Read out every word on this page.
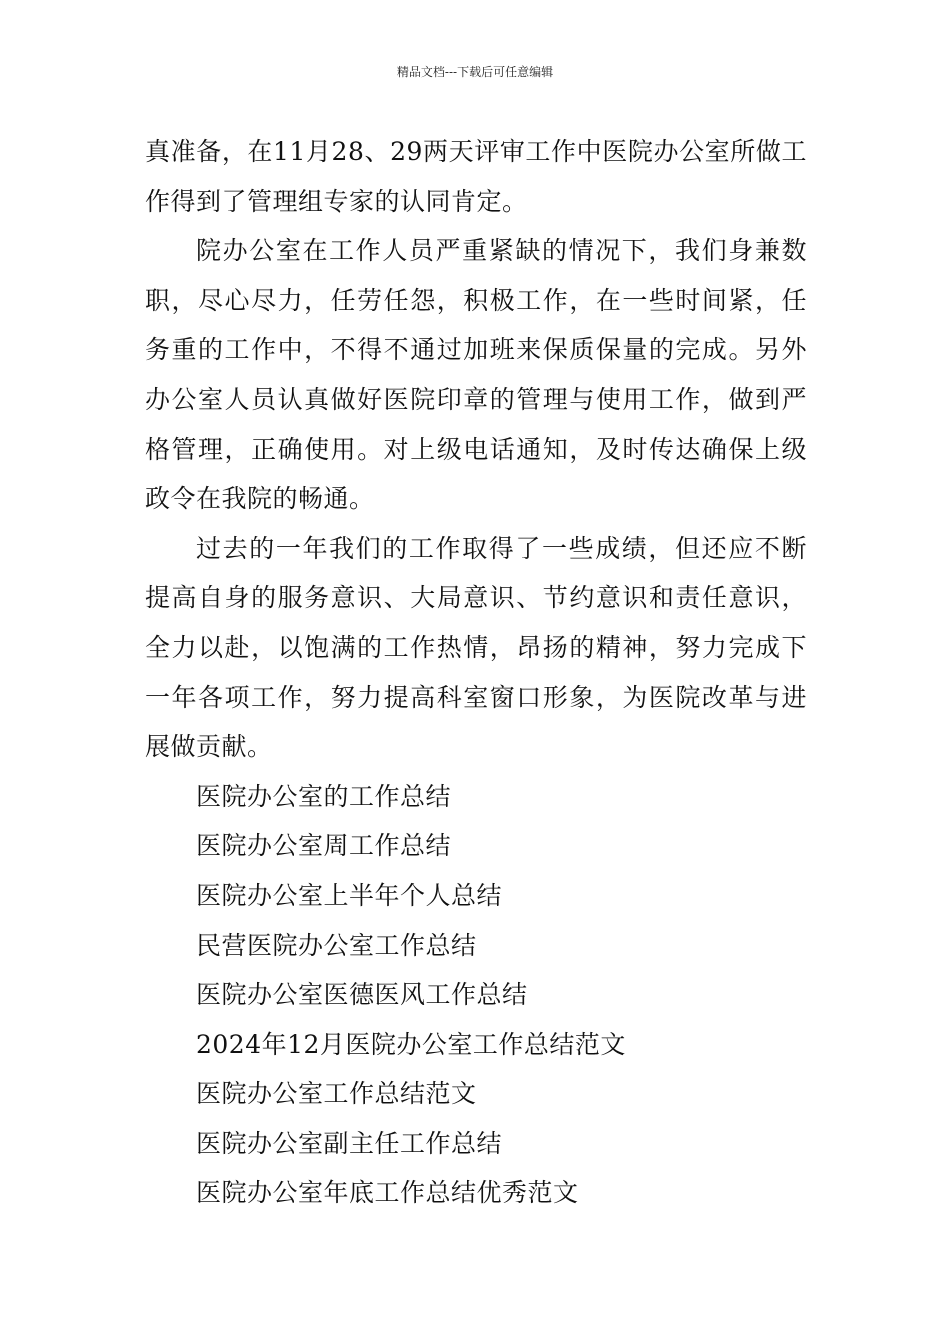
精品文档---下载后可任意编辑

真准备，在11月28、29两天评审工作中医院办公室所做工作得到了管理组专家的认同肯定。

院办公室在工作人员严重紧缺的情况下，我们身兼数职，尽心尽力，任劳任怨，积极工作，在一些时间紧，任务重的工作中，不得不通过加班来保质保量的完成。另外办公室人员认真做好医院印章的管理与使用工作，做到严格管理，正确使用。对上级电话通知，及时传达确保上级政令在我院的畅通。

过去的一年我们的工作取得了一些成绩，但还应不断提高自身的服务意识、大局意识、节约意识和责任意识，全力以赴，以饱满的工作热情，昂扬的精神，努力完成下一年各项工作，努力提高科室窗口形象，为医院改革与进展做贡献。

医院办公室的工作总结
医院办公室周工作总结
医院办公室上半年个人总结
民营医院办公室工作总结
医院办公室医德医风工作总结
2024年12月医院办公室工作总结范文
医院办公室工作总结范文
医院办公室副主任工作总结
医院办公室年底工作总结优秀范文
